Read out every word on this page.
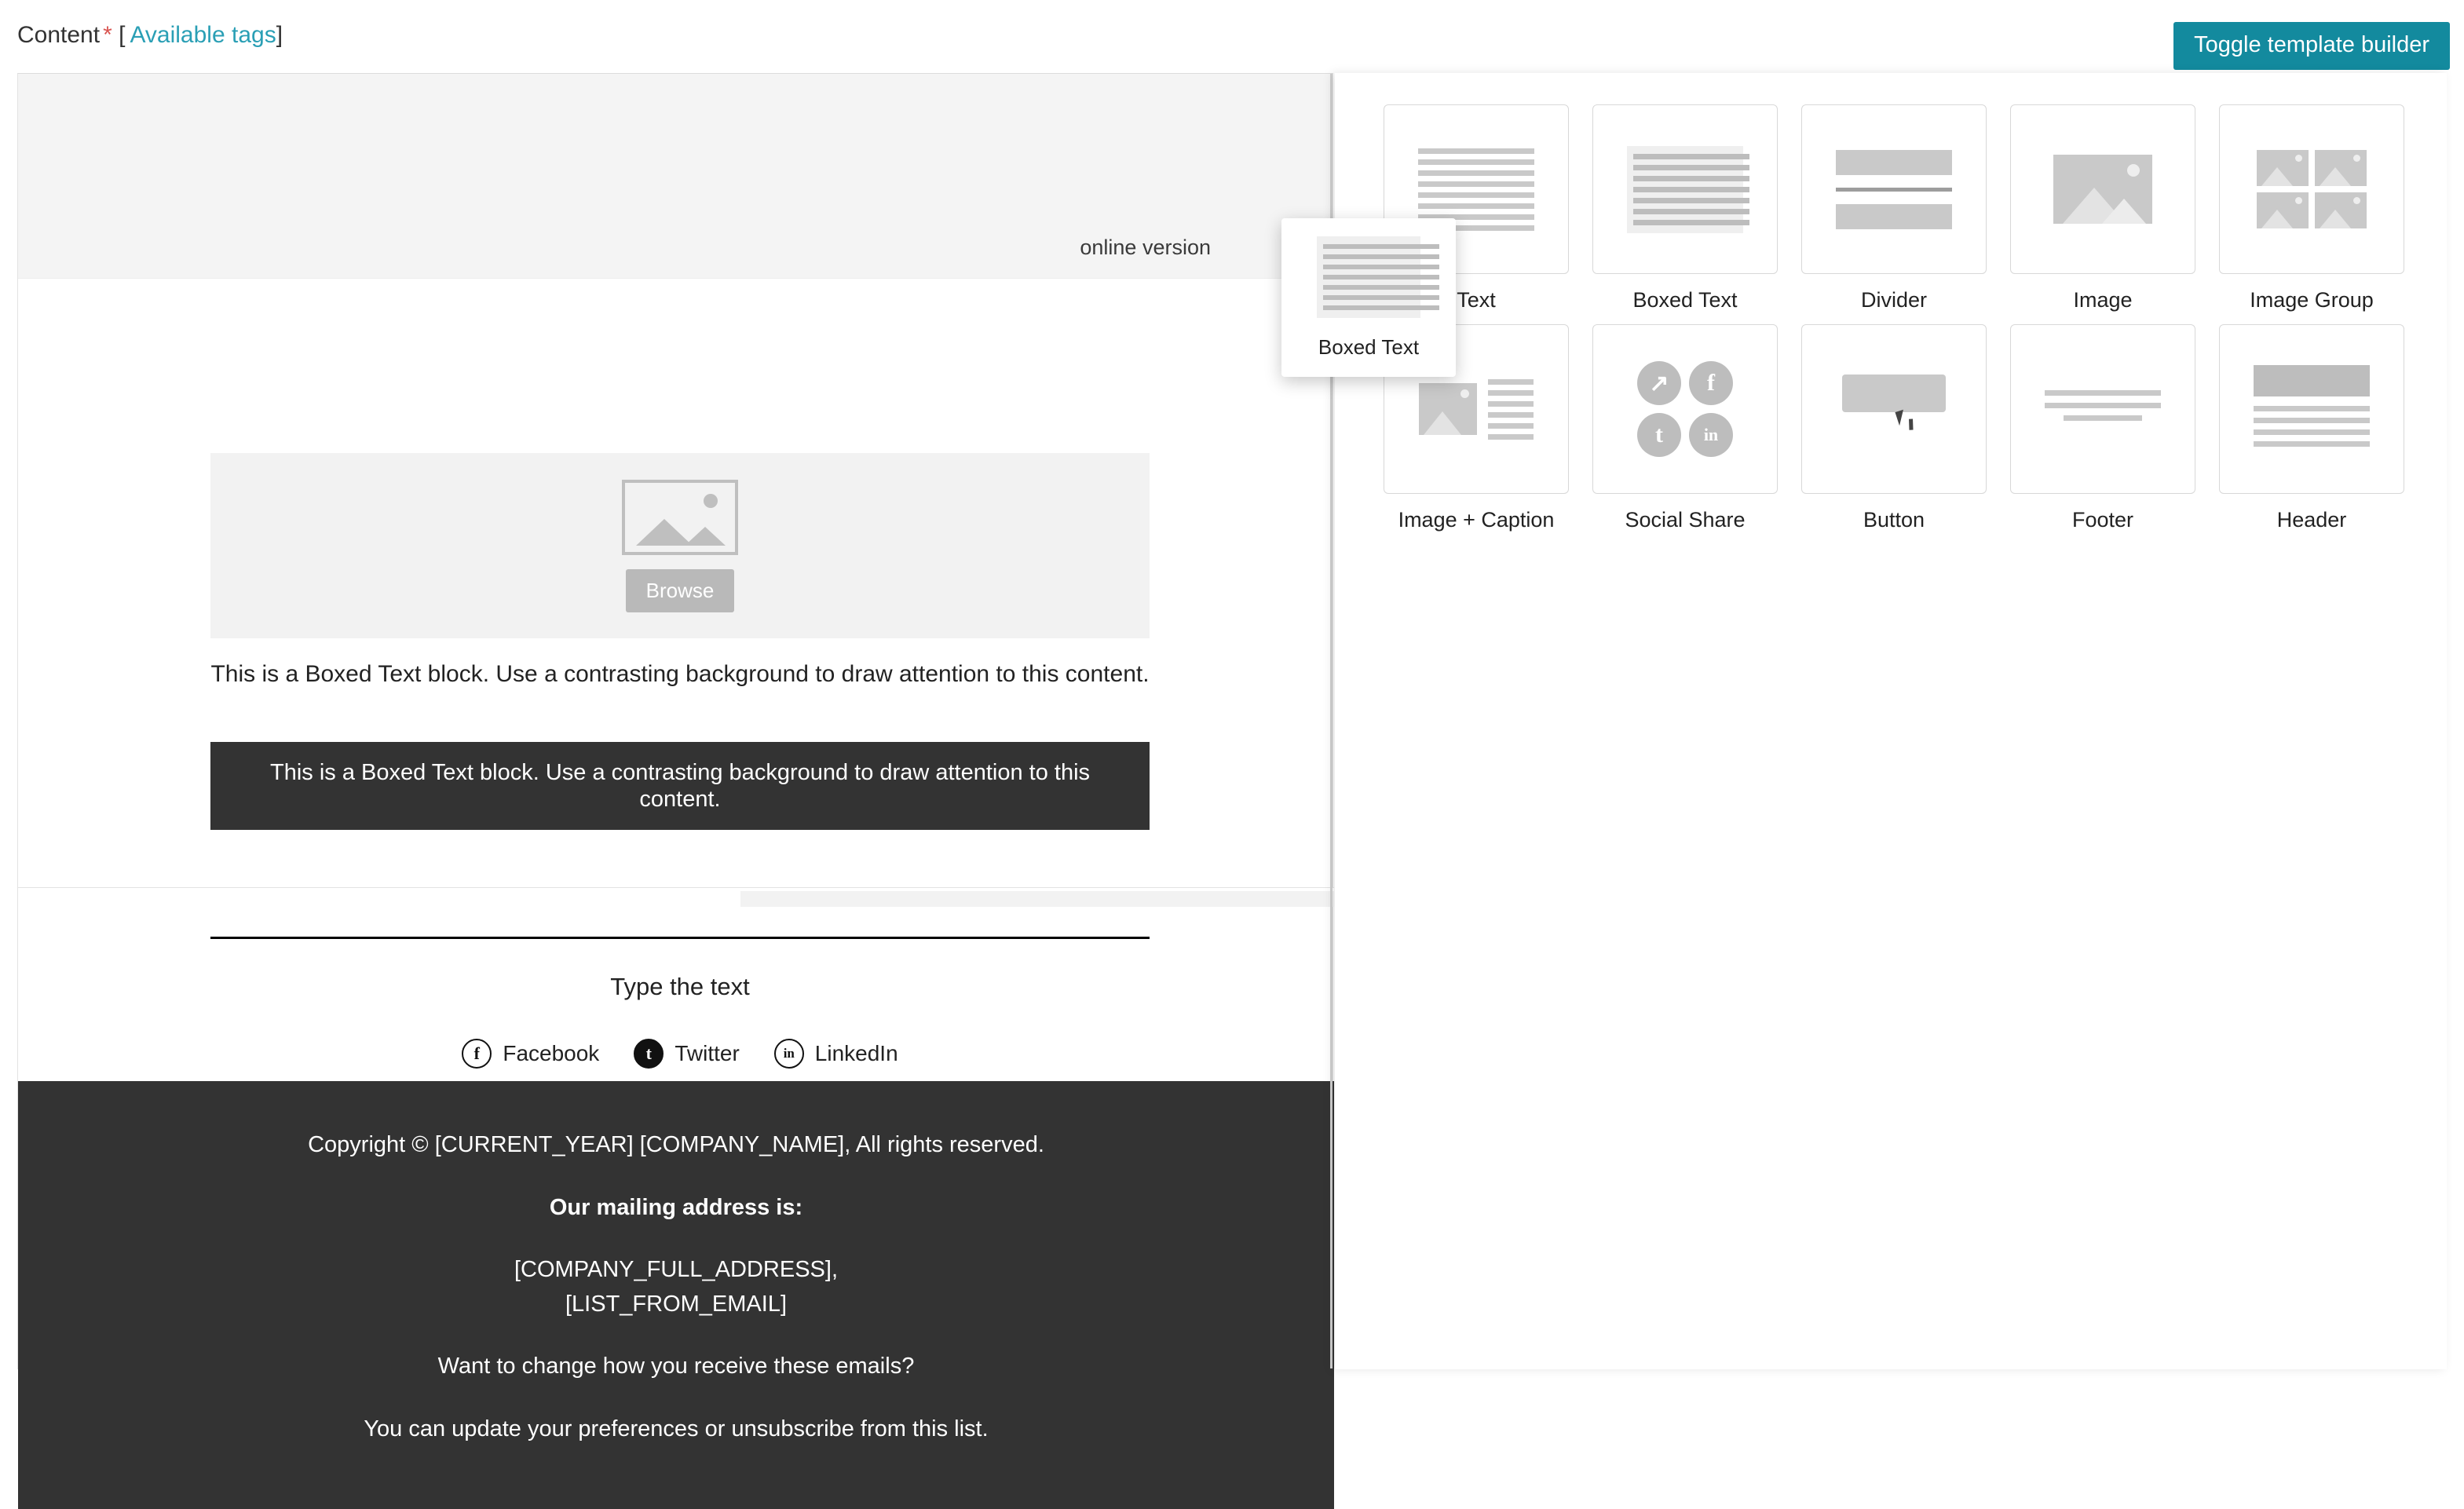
Content * [ Available tags]	Toggle template builder
online version
Browse
This is a Boxed Text block. Use a contrasting background to draw attention to this content.
This is a Boxed Text block. Use a contrasting background to draw attention to this content.
Type the text
f	Facebook	t	Twitter	in LinkedIn

Copyright © [CURRENT_YEAR] [COMPANY_NAME], All rights reserved.

Our mailing address is:

[COMPANY_FULL_ADDRESS],
[LIST_FROM_EMAIL]

Want to change how you receive these emails?

You can update your preferences or unsubscribe from this list.

Text	Boxed Text	Divider	Image	Image Group
Image + Caption
↗	f
t	in
Social Share	Button	Footer	Header
Boxed Text
